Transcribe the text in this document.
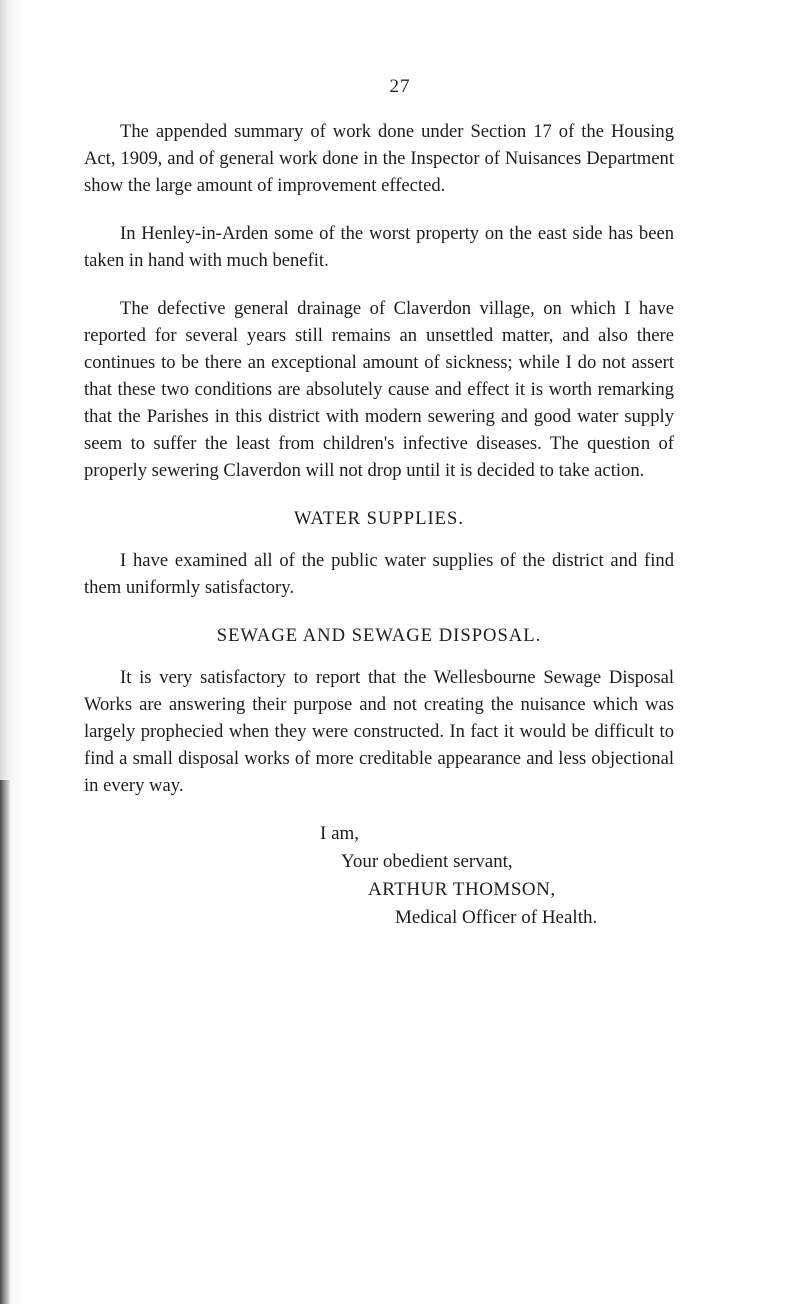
27

The appended summary of work done under Section 17 of the Housing Act, 1909, and of general work done in the Inspector of Nuisances Department show the large amount of improvement effected.

In Henley-in-Arden some of the worst property on the east side has been taken in hand with much benefit.

The defective general drainage of Claverdon village, on which I have reported for several years still remains an unsettled matter, and also there continues to be there an exceptional amount of sickness; while I do not assert that these two conditions are absolutely cause and effect it is worth remarking that the Parishes in this district with modern sewering and good water supply seem to suffer the least from children's infective diseases. The question of properly sewering Claverdon will not drop until it is decided to take action.

WATER SUPPLIES.

I have examined all of the public water supplies of the district and find them uniformly satisfactory.

SEWAGE AND SEWAGE DISPOSAL.

It is very satisfactory to report that the Wellesbourne Sewage Disposal Works are answering their purpose and not creating the nuisance which was largely prophecied when they were constructed. In fact it would be difficult to find a small disposal works of more creditable appearance and less objectional in every way.

I am,
Your obedient servant,
ARTHUR THOMSON,
Medical Officer of Health.
